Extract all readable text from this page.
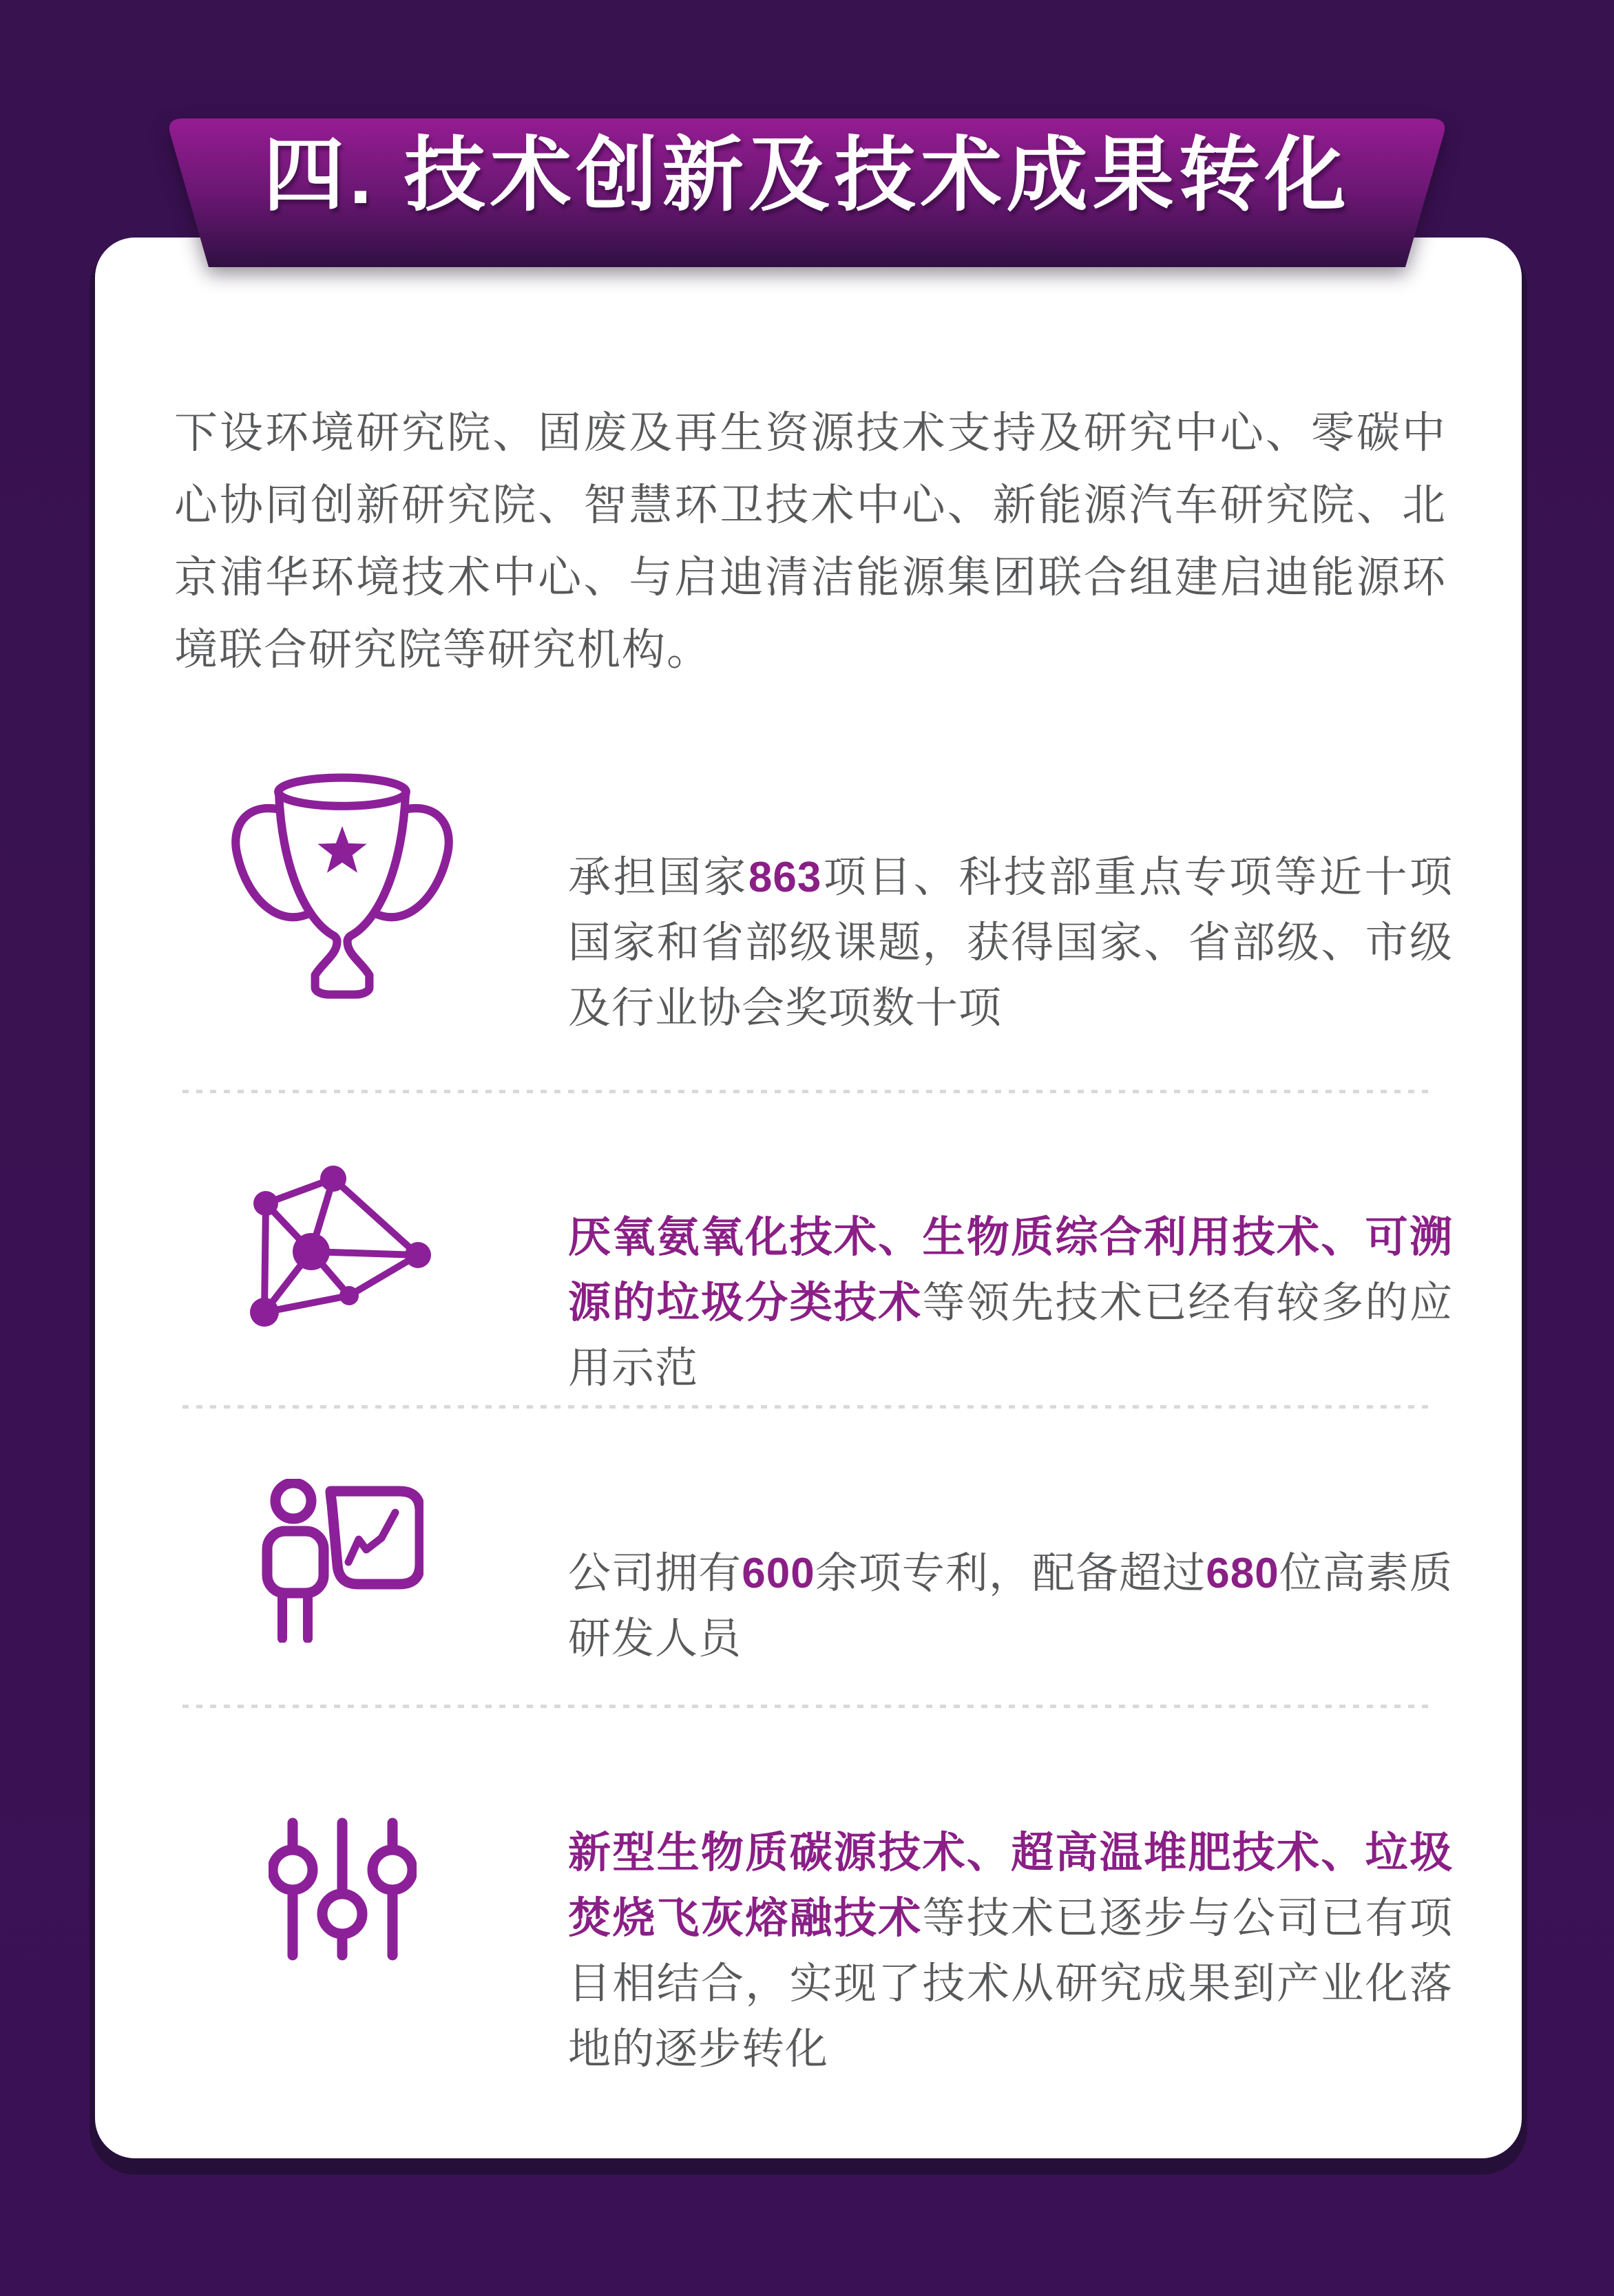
四. 技术创新及技术成果转化

下设环境研究院、固废及再生资源技术支持及研究中心、零碳中心协同创新研究院、智慧环卫技术中心、新能源汽车研究院、北京浦华环境技术中心、与启迪清洁能源集团联合组建启迪能源环境联合研究院等研究机构。

承担国家863项目、科技部重点专项等近十项国家和省部级课题，获得国家、省部级、市级及行业协会奖项数十项

厌氧氨氧化技术、生物质综合利用技术、可溯源的垃圾分类技术等领先技术已经有较多的应用示范

公司拥有600余项专利，配备超过680位高素质研发人员

新型生物质碳源技术、超高温堆肥技术、垃圾焚烧飞灰熔融技术等技术已逐步与公司已有项目相结合，实现了技术从研究成果到产业化落地的逐步转化
